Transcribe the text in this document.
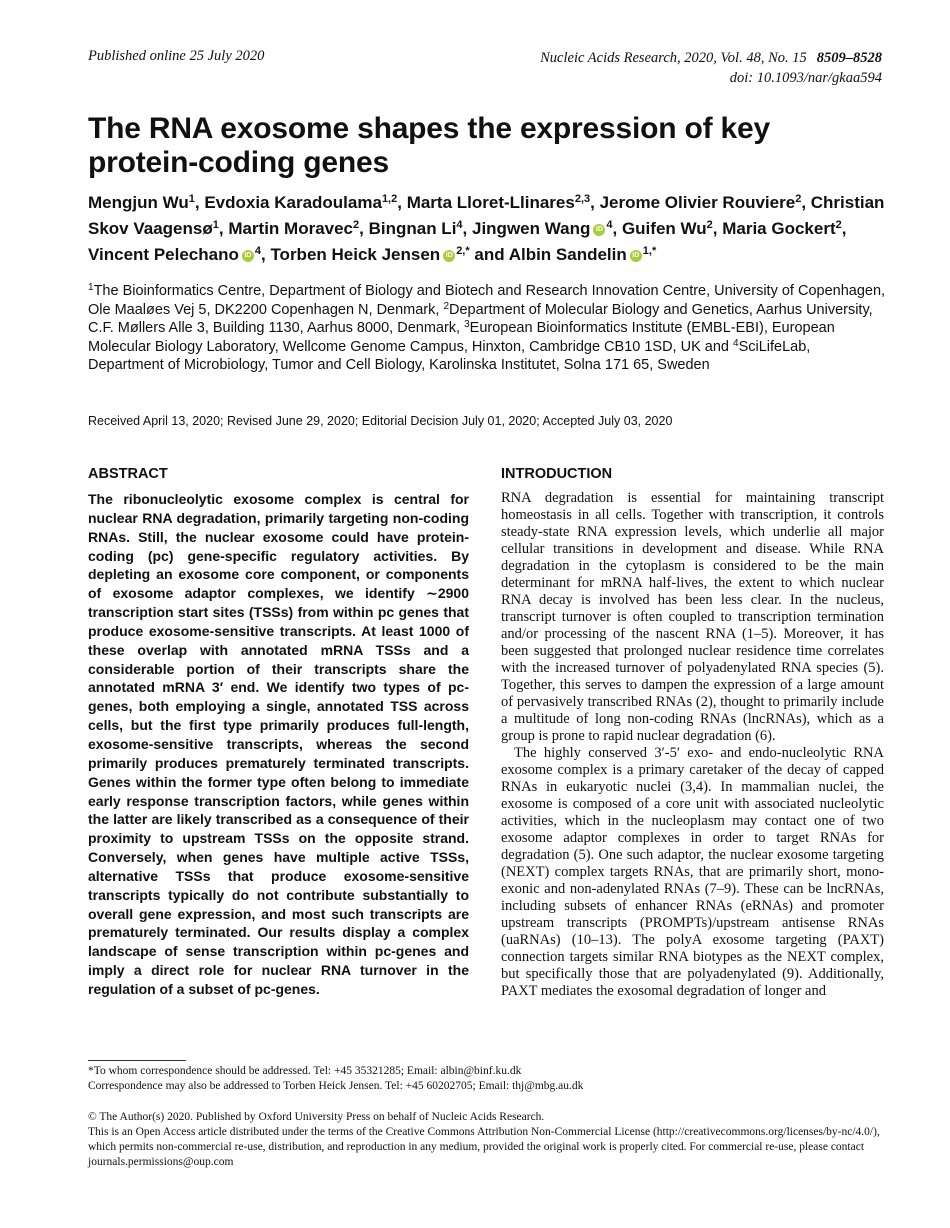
Published online 25 July 2020	Nucleic Acids Research, 2020, Vol. 48, No. 15 8509–8528
doi: 10.1093/nar/gkaa594
The RNA exosome shapes the expression of key protein-coding genes
Mengjun Wu$^1$, Evdoxia Karadoulama$^{1,2}$, Marta Lloret-Llinares$^{2,3}$, Jerome Olivier Rouviere$^2$, Christian Skov Vaagensø$^1$, Martin Moravec$^2$, Bingnan Li$^4$, Jingwen Wang iD $^4$, Guifen Wu$^2$, Maria Gockert$^2$, Vincent Pelechano iD $^4$, Torben Heick Jensen iD $^{2,*}$ and Albin Sandelin iD $^{1,*}$
$^1$The Bioinformatics Centre, Department of Biology and Biotech and Research Innovation Centre, University of Copenhagen, Ole Maaløes Vej 5, DK2200 Copenhagen N, Denmark, $^2$Department of Molecular Biology and Genetics, Aarhus University, C.F. Møllers Alle 3, Building 1130, Aarhus 8000, Denmark, $^3$European Bioinformatics Institute (EMBL-EBI), European Molecular Biology Laboratory, Wellcome Genome Campus, Hinxton, Cambridge CB10 1SD, UK and $^4$SciLifeLab, Department of Microbiology, Tumor and Cell Biology, Karolinska Institutet, Solna 171 65, Sweden
Received April 13, 2020; Revised June 29, 2020; Editorial Decision July 01, 2020; Accepted July 03, 2020
ABSTRACT

The ribonucleolytic exosome complex is central for nuclear RNA degradation, primarily targeting non-coding RNAs. Still, the nuclear exosome could have protein-coding (pc) gene-specific regulatory activities. By depleting an exosome core component, or components of exosome adaptor complexes, we identify ∼2900 transcription start sites (TSSs) from within pc genes that produce exosome-sensitive transcripts. At least 1000 of these overlap with annotated mRNA TSSs and a considerable portion of their transcripts share the annotated mRNA 3′ end. We identify two types of pc-genes, both employing a single, annotated TSS across cells, but the first type primarily produces full-length, exosome-sensitive transcripts, whereas the second primarily produces prematurely terminated transcripts. Genes within the former type often belong to immediate early response transcription factors, while genes within the latter are likely transcribed as a consequence of their proximity to upstream TSSs on the opposite strand. Conversely, when genes have multiple active TSSs, alternative TSSs that produce exosome-sensitive transcripts typically do not contribute substantially to overall gene expression, and most such transcripts are prematurely terminated. Our results display a complex landscape of sense transcription within pc-genes and imply a direct role for nuclear RNA turnover in the regulation of a subset of pc-genes.

INTRODUCTION

RNA degradation is essential for maintaining transcript homeostasis in all cells. Together with transcription, it controls steady-state RNA expression levels, which underlie all major cellular transitions in development and disease. While RNA degradation in the cytoplasm is considered to be the main determinant for mRNA half-lives, the extent to which nuclear RNA decay is involved has been less clear. In the nucleus, transcript turnover is often coupled to transcription termination and/or processing of the nascent RNA (1–5). Moreover, it has been suggested that prolonged nuclear residence time correlates with the increased turnover of polyadenylated RNA species (5). Together, this serves to dampen the expression of a large amount of pervasively transcribed RNAs (2), thought to primarily include a multitude of long non-coding RNAs (lncRNAs), which as a group is prone to rapid nuclear degradation (6).

The highly conserved 3′-5′ exo- and endo-nucleolytic RNA exosome complex is a primary caretaker of the decay of capped RNAs in eukaryotic nuclei (3,4). In mammalian nuclei, the exosome is composed of a core unit with associated nucleolytic activities, which in the nucleoplasm may contact one of two exosome adaptor complexes in order to target RNAs for degradation (5). One such adaptor, the nuclear exosome targeting (NEXT) complex targets RNAs, that are primarily short, mono-exonic and non-adenylated RNAs (7–9). These can be lncRNAs, including subsets of enhancer RNAs (eRNAs) and promoter upstream transcripts (PROMPTs)/upstream antisense RNAs (uaRNAs) (10–13). The polyA exosome targeting (PAXT) connection targets similar RNA biotypes as the NEXT complex, but specifically those that are polyadenylated (9). Additionally, PAXT mediates the exosomal degradation of longer and

*To whom correspondence should be addressed. Tel: +45 35321285; Email: albin@binf.ku.dk
Correspondence may also be addressed to Torben Heick Jensen. Tel: +45 60202705; Email: thj@mbg.au.dk
© The Author(s) 2020. Published by Oxford University Press on behalf of Nucleic Acids Research.
This is an Open Access article distributed under the terms of the Creative Commons Attribution Non-Commercial License (http://creativecommons.org/licenses/by-nc/4.0/), which permits non-commercial re-use, distribution, and reproduction in any medium, provided the original work is properly cited. For commercial re-use, please contact journals.permissions@oup.com
